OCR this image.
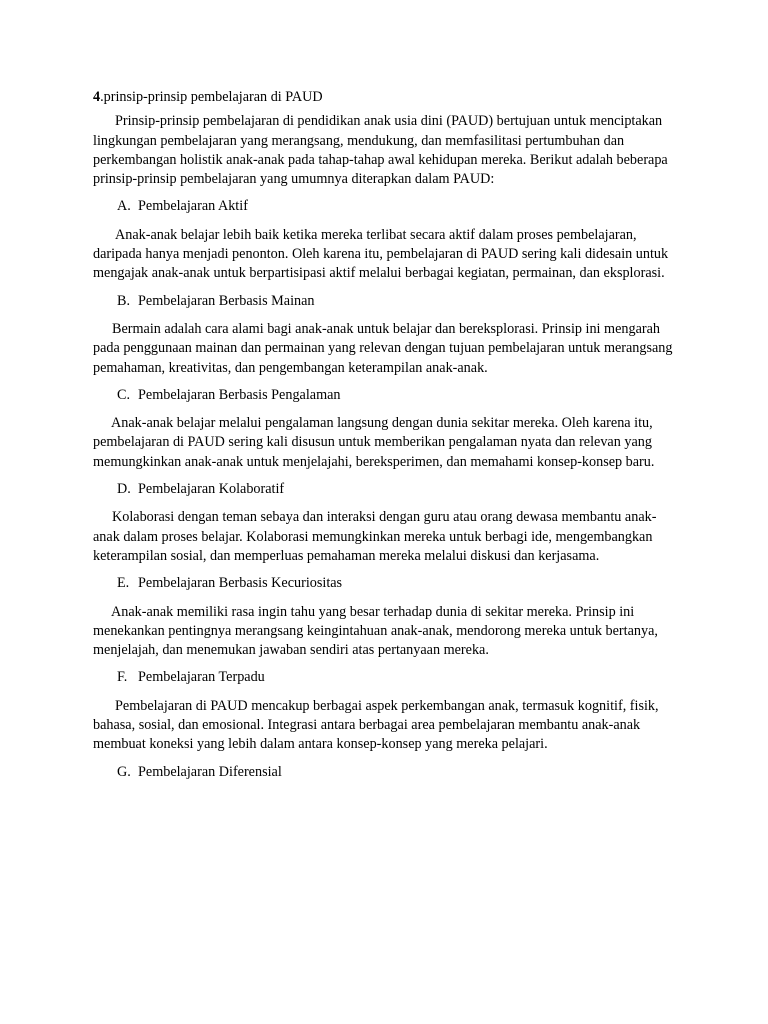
4.prinsip-prinsip pembelajaran di PAUD

Prinsip-prinsip pembelajaran di pendidikan anak usia dini (PAUD) bertujuan untuk menciptakan lingkungan pembelajaran yang merangsang, mendukung, dan memfasilitasi pertumbuhan dan perkembangan holistik anak-anak pada tahap-tahap awal kehidupan mereka. Berikut adalah beberapa prinsip-prinsip pembelajaran yang umumnya diterapkan dalam PAUD:

A. Pembelajaran Aktif

Anak-anak belajar lebih baik ketika mereka terlibat secara aktif dalam proses pembelajaran, daripada hanya menjadi penonton. Oleh karena itu, pembelajaran di PAUD sering kali didesain untuk mengajak anak-anak untuk berpartisipasi aktif melalui berbagai kegiatan, permainan, dan eksplorasi.

B. Pembelajaran Berbasis Mainan

Bermain adalah cara alami bagi anak-anak untuk belajar dan bereksplorasi. Prinsip ini mengarah pada penggunaan mainan dan permainan yang relevan dengan tujuan pembelajaran untuk merangsang pemahaman, kreativitas, dan pengembangan keterampilan anak-anak.

C. Pembelajaran Berbasis Pengalaman

Anak-anak belajar melalui pengalaman langsung dengan dunia sekitar mereka. Oleh karena itu, pembelajaran di PAUD sering kali disusun untuk memberikan pengalaman nyata dan relevan yang memungkinkan anak-anak untuk menjelajahi, bereksperimen, dan memahami konsep-konsep baru.

D. Pembelajaran Kolaboratif

Kolaborasi dengan teman sebaya dan interaksi dengan guru atau orang dewasa membantu anak-anak dalam proses belajar. Kolaborasi memungkinkan mereka untuk berbagi ide, mengembangkan keterampilan sosial, dan memperluas pemahaman mereka melalui diskusi dan kerjasama.

E. Pembelajaran Berbasis Kecuriositas

Anak-anak memiliki rasa ingin tahu yang besar terhadap dunia di sekitar mereka. Prinsip ini menekankan pentingnya merangsang keingintahuan anak-anak, mendorong mereka untuk bertanya, menjelajah, dan menemukan jawaban sendiri atas pertanyaan mereka.

F. Pembelajaran Terpadu

Pembelajaran di PAUD mencakup berbagai aspek perkembangan anak, termasuk kognitif, fisik, bahasa, sosial, dan emosional. Integrasi antara berbagai area pembelajaran membantu anak-anak membuat koneksi yang lebih dalam antara konsep-konsep yang mereka pelajari.

G. Pembelajaran Diferensial
